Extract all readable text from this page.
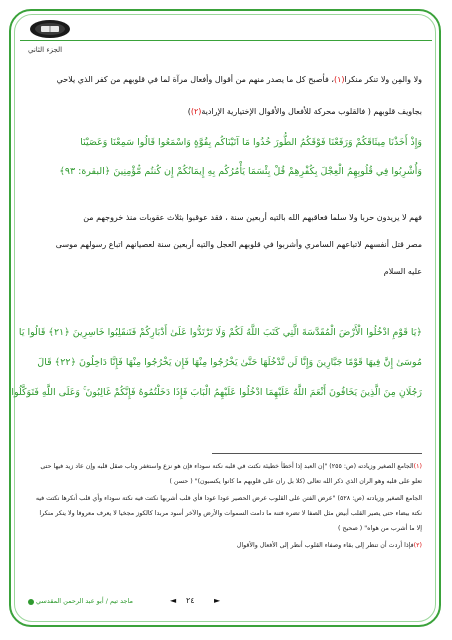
الجزء الثاني
ولا والمِن ولا تنكر منكرا(١)، فأصبح كل ما يصدر منهم من أقوال وأفعال مرآة لما في قلوبهم من كفر الذي يلاحي
بجاويف قلوبهم ( فالقلوب محركة للأفعال والأقوال الإختيارية الإرادية(٢))
وَإِذْ أَخَذْنَا مِيثَاقَكُمْ وَرَفَعْنَا فَوْقَكُمُ الطُّورَ خُذُوا مَا آتَيْنَاكُم بِقُوَّةٍ وَاسْمَعُوا قَالُوا سَمِعْنَا وَعَصَيْنَا
وَأُشْرِبُوا فِي قُلُوبِهِمُ الْعِجْلَ بِكُفْرِهِمْ قُلْ بِئْسَمَا يَأْمُرُكُم بِهِ إِيمَانُكُمْ إِن كُنتُم مُّؤْمِنِينَ ﴿البقرة: ٩٣﴾
فهم لا يريدون حربا ولا سلما فعاقبهم الله بالتيه أربعين سنة ، فقد عوقبوا بثلاث عقوبات منذ خروجهم من
مصر قتل أنفسهم لاتباعهم السامري وأشربوا في قلوبهم العجل والتيه أربعين سنة لعصيانهم اتباع رسولهم موسى
عليه السلام
﴿يَا قَوْمِ ادْخُلُوا الْأَرْضَ الْمُقَدَّسَةَ الَّتِي كَتَبَ اللَّهُ لَكُمْ وَلَا تَرْتَدُّوا عَلَىٰ أَدْبَارِكُمْ فَتَنقَلِبُوا خَاسِرِينَ ﴿٢١﴾ قَالُوا يَا
مُوسَىٰ إِنَّ فِيهَا قَوْمًا جَبَّارِينَ وَإِنَّا لَن نَّدْخُلَهَا حَتَّىٰ يَخْرُجُوا مِنْهَا فَإِن يَخْرُجُوا مِنْهَا فَإِنَّا دَاخِلُونَ ﴿٢٢﴾ قَالَ
رَجُلَانِ مِنَ الَّذِينَ يَخَافُونَ أَنْعَمَ اللَّهُ عَلَيْهِمَا ادْخُلُوا عَلَيْهِمُ الْبَابَ فَإِذَا دَخَلْتُمُوهُ فَإِنَّكُمْ غَالِبُونَ ۚ وَعَلَى اللَّهِ فَتَوَكَّلُوا
(١)الجامع الصغير وزيادته (ص: ٢٥٥) "إن العبد إذا أخطأ خطيئة نكتت في قلبه نكتة سوداء فإن هو نزع واستغفر وتاب صقل قلبه وإن عاد زيد فيها حتى
تعلو على قلبه وهو الران الذي ذكر الله تعالى (كلا بل ران على قلوبهم ما كانوا يكسبون)" ( حسن )
الجامع الصغير وزيادته (ص: ٥٢٨) "عرض الفتن على القلوب عرض الحصير عودا عودا فأي قلب أشربها نكتت فيه نكتة سوداء وأي قلب أنكرها نكتت فيه
نكتة بيضاء حتى يصير القلب أبيض مثل الصفا لا تضره فتنة ما دامت السموات والأرض والآخر أسود مربدا كالكوز مجخيا لا يعرف معروفا ولا ينكر منكرا
إلا ما أشرب من هواه" ( صحيح )
(٢)فإذا أردت أن تنظر إلى بقاء وصفاء القلوب أنظر إلى الأفعال والأقوال
ماجد تيم / أبو عبد الرحمن المقدسي	◄ ٢٤ ►
